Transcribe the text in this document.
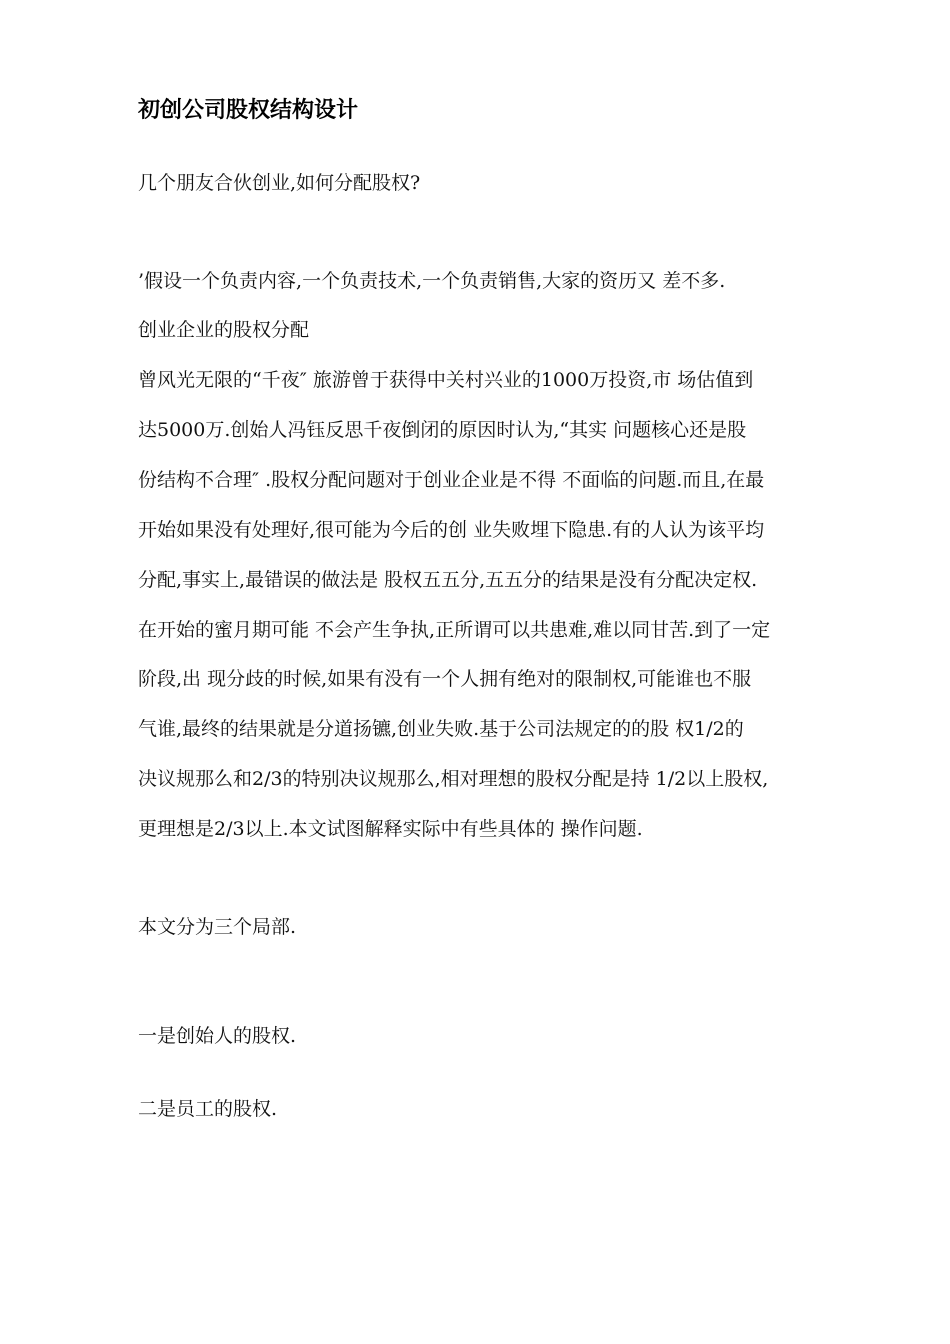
初创公司股权结构设计
几个朋友合伙创业,如何分配股权?
’假设一个负责内容,一个负责技术,一个负责销售,大家的资历又 差不多.
创业企业的股权分配
曾风光无限的“千夜″ 旅游曾于获得中关村兴业的1000万投资,市 场估值到
达5000万.创始人冯钰反思千夜倒闭的原因时认为,“其实 问题核心还是股
份结构不合理″ .股权分配问题对于创业企业是不得 不面临的问题.而且,在最
开始如果没有处理好,很可能为今后的创 业失败埋下隐患.有的人认为该平均
分配,事实上,最错误的做法是 股权五五分,五五分的结果是没有分配决定权.
在开始的蜜月期可能 不会产生争执,正所谓可以共患难,难以同甘苦.到了一定
阶段,出 现分歧的时候,如果有没有一个人拥有绝对的限制权,可能谁也不服
气谁,最终的结果就是分道扬镳,创业失败.基于公司法规定的的股 权1/2的
决议规那么和2/3的特别决议规那么,相对理想的股权分配是持 1/2以上股权,
更理想是2/3以上.本文试图解释实际中有些具体的 操作问题.
本文分为三个局部.
一是创始人的股权.
二是员工的股权.
